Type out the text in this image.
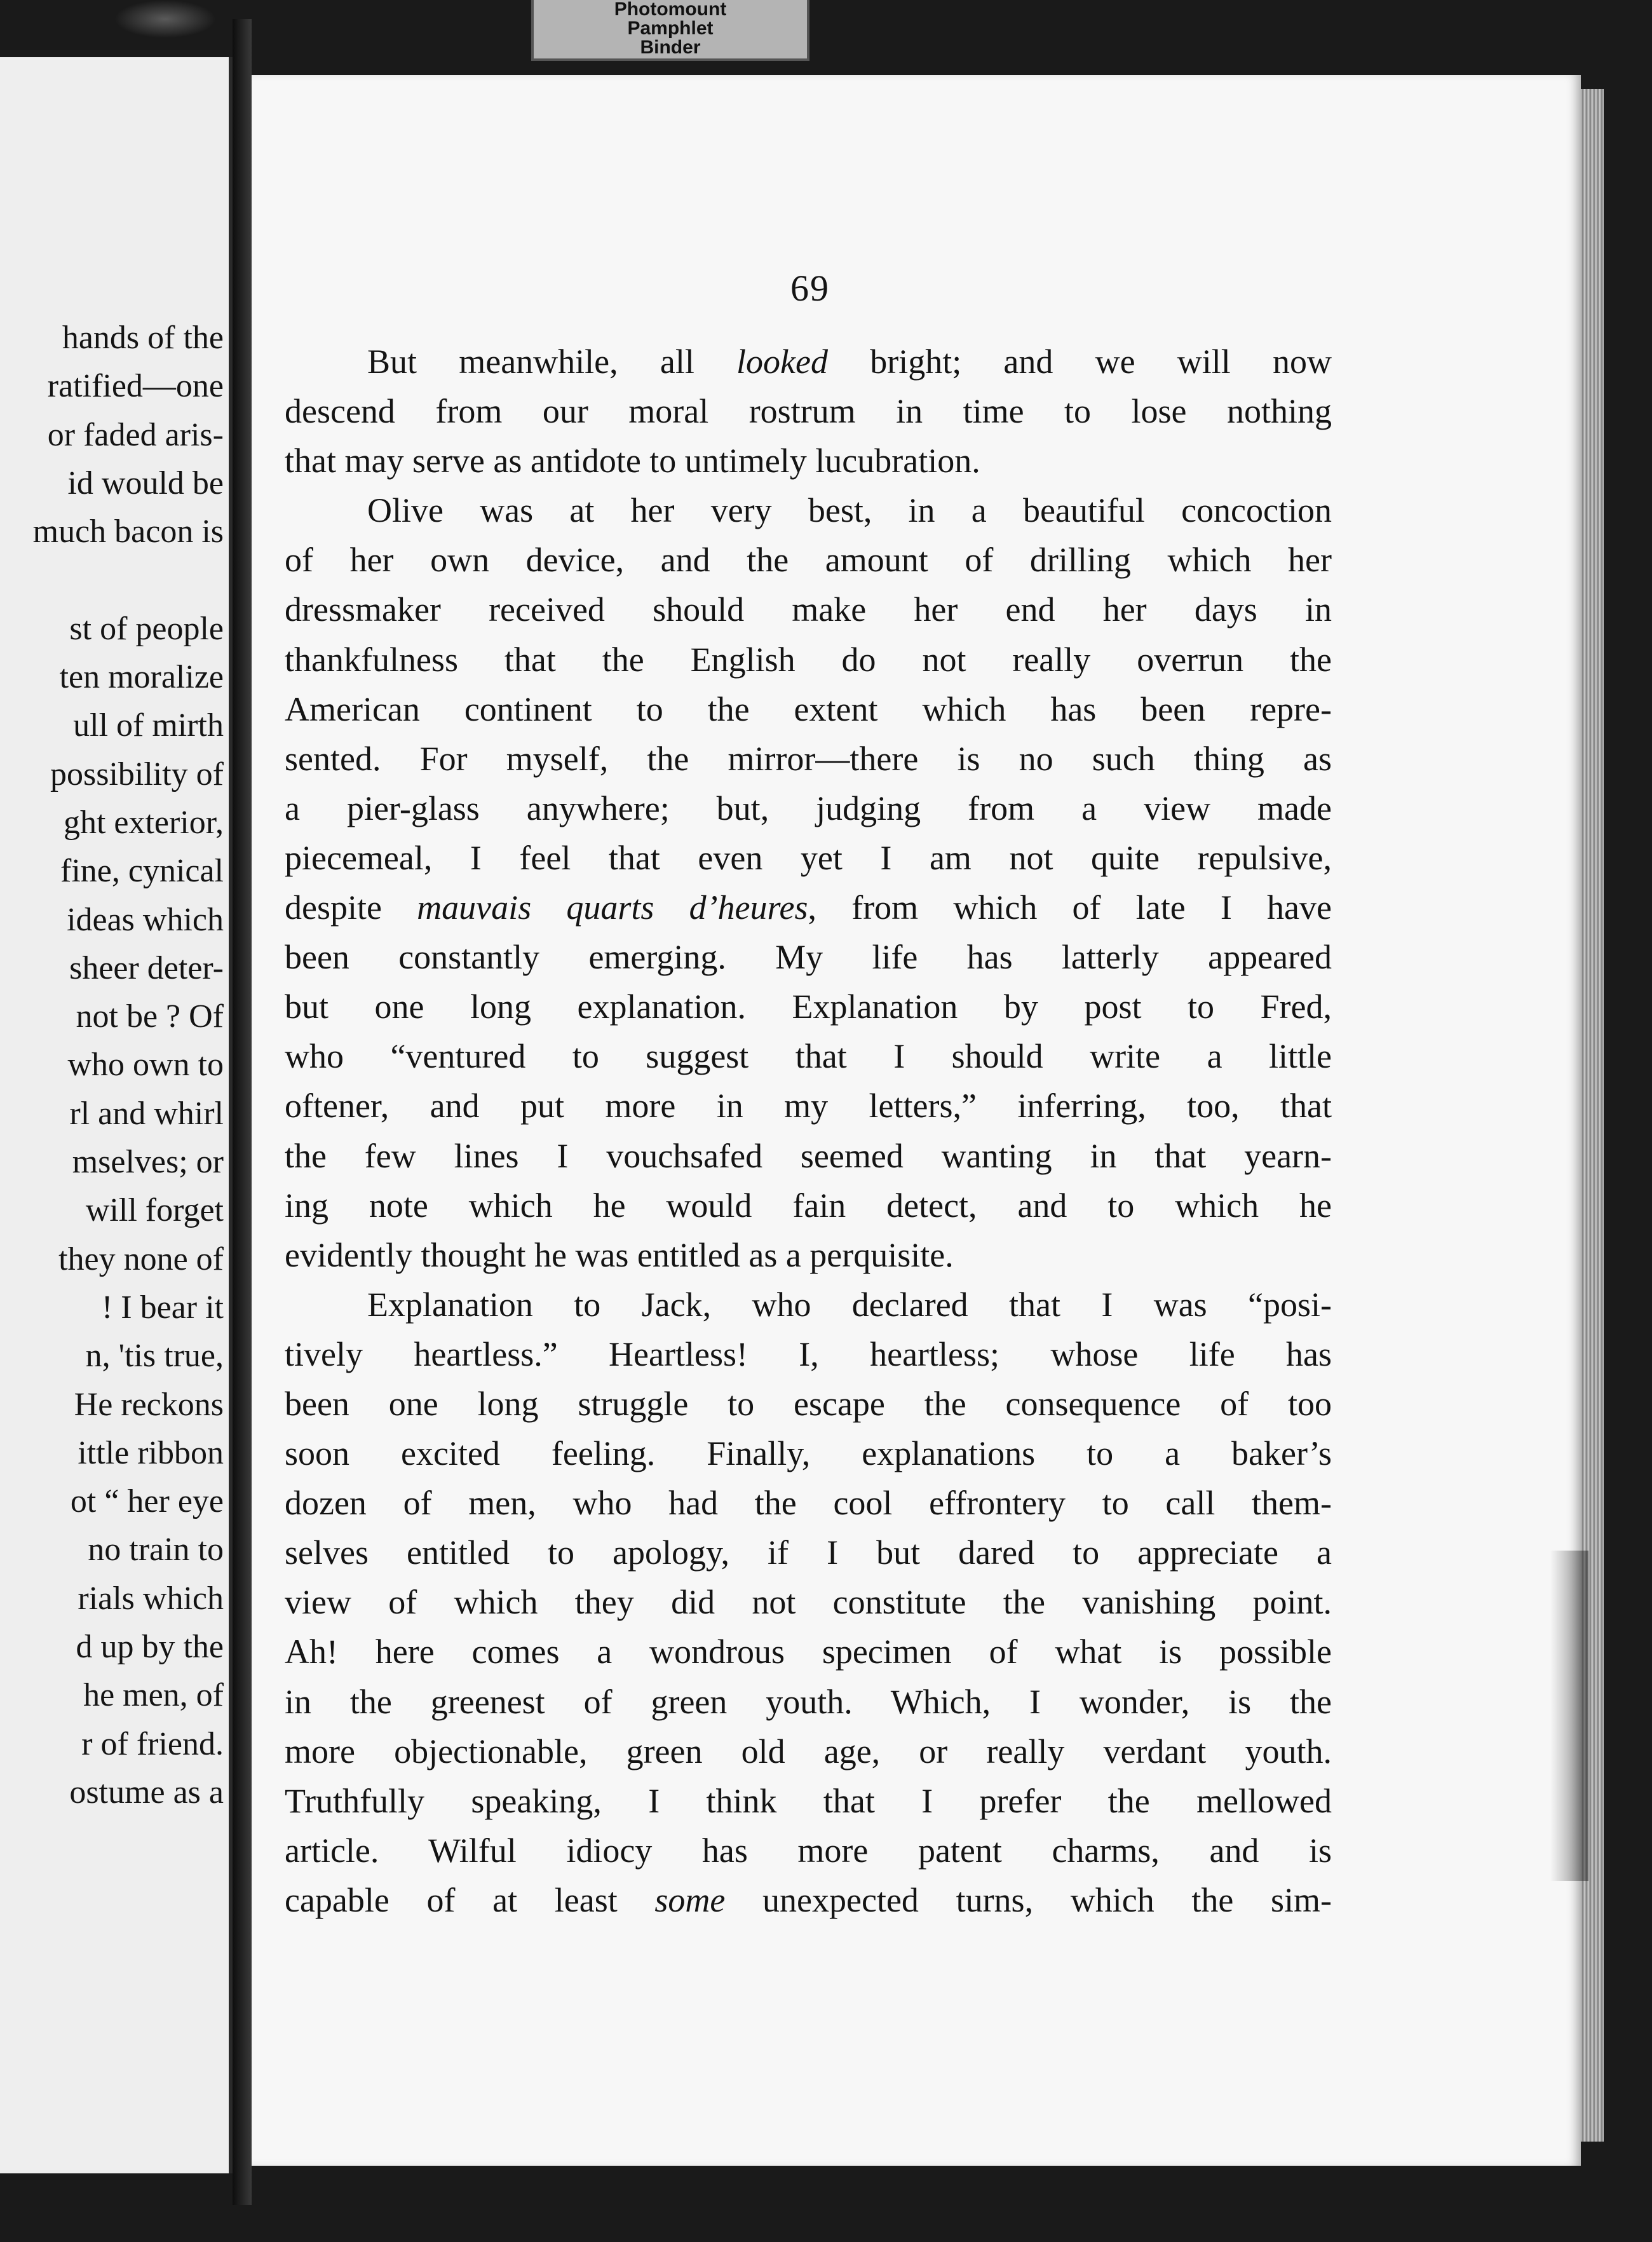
Photomount
Pamphlet
Binder
hands of the
ratified—one
or faded aris-
id would be
much bacon is
st of people
ten moralize
ull of mirth
possibility of
ght exterior,
fine, cynical
ideas which
sheer deter-
not be ? Of
who own to
rl and whirl
mselves; or
will forget
they none of
! I bear it
n, 'tis true,
He reckons
ittle ribbon
ot “ her eye
no train to
rials which
d up by the
he men, of
r of friend.
ostume as a
69
But meanwhile, all looked bright; and we will now
descend from our moral rostrum in time to lose nothing
that may serve as antidote to untimely lucubration.
Olive was at her very best, in a beautiful concoction
of her own device, and the amount of drilling which her
dressmaker received should make her end her days in
thankfulness that the English do not really overrun the
American continent to the extent which has been repre-
sented. For myself, the mirror—there is no such thing as
a pier-glass anywhere; but, judging from a view made
piecemeal, I feel that even yet I am not quite repulsive,
despite mauvais quarts d’heures, from which of late I have
been constantly emerging. My life has latterly appeared
but one long explanation. Explanation by post to Fred,
who “ventured to suggest that I should write a little
oftener, and put more in my letters,” inferring, too, that
the few lines I vouchsafed seemed wanting in that yearn-
ing note which he would fain detect, and to which he
evidently thought he was entitled as a perquisite.
Explanation to Jack, who declared that I was “posi-
tively heartless.” Heartless! I, heartless; whose life has
been one long struggle to escape the consequence of too
soon excited feeling. Finally, explanations to a baker’s
dozen of men, who had the cool effrontery to call them-
selves entitled to apology, if I but dared to appreciate a
view of which they did not constitute the vanishing point.
Ah! here comes a wondrous specimen of what is possible
in the greenest of green youth. Which, I wonder, is the
more objectionable, green old age, or really verdant youth.
Truthfully speaking, I think that I prefer the mellowed
article. Wilful idiocy has more patent charms, and is
capable of at least some unexpected turns, which the sim-
